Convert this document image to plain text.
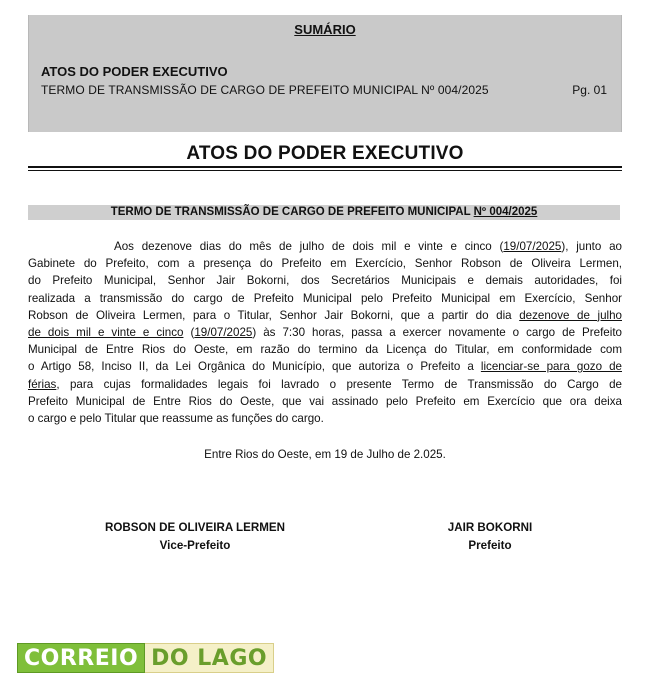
SUMÁRIO
ATOS DO PODER EXECUTIVO
TERMO DE TRANSMISSÃO DE CARGO DE PREFEITO MUNICIPAL Nº 004/2025	Pg. 01
ATOS DO PODER EXECUTIVO
TERMO DE TRANSMISSÃO DE CARGO DE PREFEITO MUNICIPAL Nº 004/2025
Aos dezenove dias do mês de julho de dois mil e vinte e cinco (19/07/2025), junto ao
Gabinete do Prefeito, com a presença do Prefeito em Exercício, Senhor Robson de Oliveira Lermen,
do Prefeito Municipal, Senhor Jair Bokorni, dos Secretários Municipais e demais autoridades, foi
realizada a transmissão do cargo de Prefeito Municipal pelo Prefeito Municipal em Exercício, Senhor
Robson de Oliveira Lermen, para o Titular, Senhor Jair Bokorni, que a partir do dia dezenove de julho
de dois mil e vinte e cinco (19/07/2025) às 7:30 horas, passa a exercer novamente o cargo de Prefeito
Municipal de Entre Rios do Oeste, em razão do termino da Licença do Titular, em conformidade com
o Artigo 58, Inciso II, da Lei Orgânica do Município, que autoriza o Prefeito a licenciar-se para gozo de
férias, para cujas formalidades legais foi lavrado o presente Termo de Transmissão do Cargo de
Prefeito Municipal de Entre Rios do Oeste, que vai assinado pelo Prefeito em Exercício que ora deixa
o cargo e pelo Titular que reassume as funções do cargo.
Entre Rios do Oeste, em 19 de Julho de 2.025.
ROBSON DE OLIVEIRA LERMEN
Vice-Prefeito
JAIR BOKORNI
Prefeito
CORREIO DO LAGO
